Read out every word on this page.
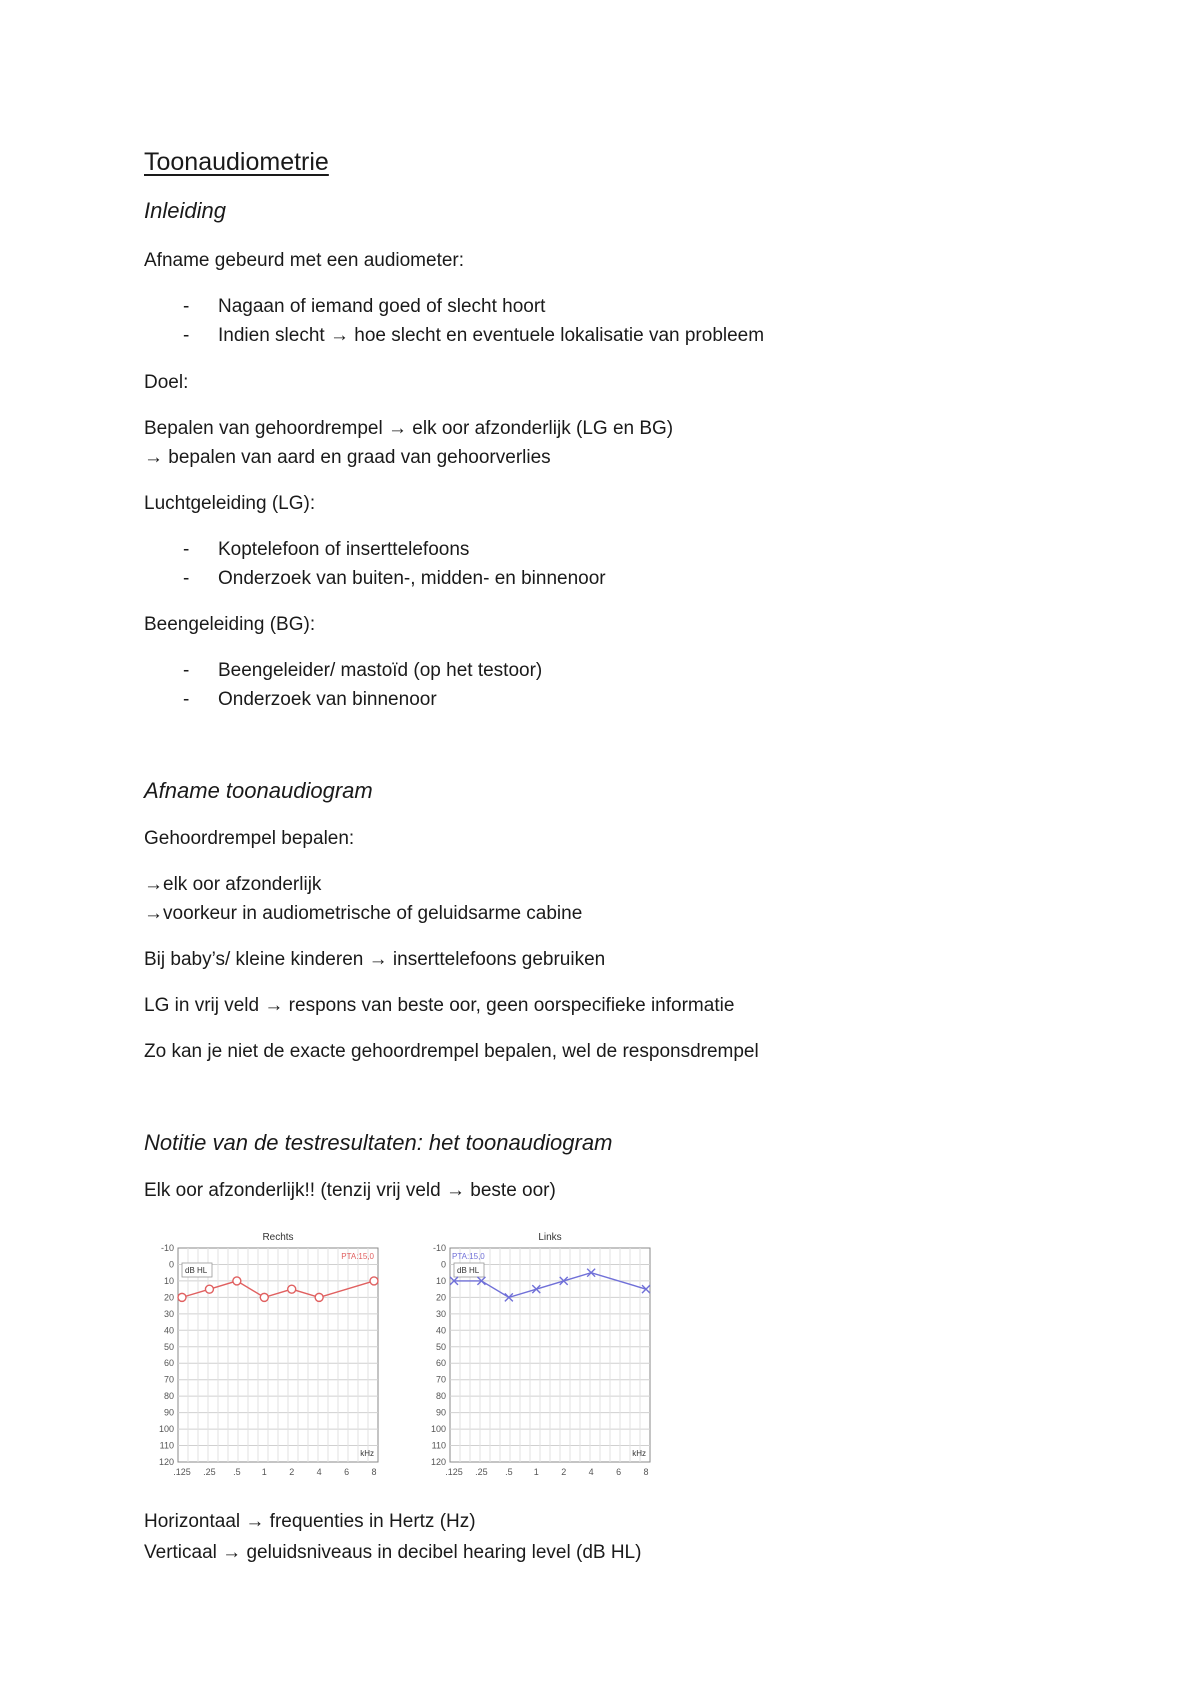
Toonaudiometrie
Inleiding
Afname gebeurd met een audiometer:
- Nagaan of iemand goed of slecht hoort
- Indien slecht → hoe slecht en eventuele lokalisatie van probleem
Doel:
Bepalen van gehoordrempel → elk oor afzonderlijk (LG en BG)
→ bepalen van aard en graad van gehoorverlies
Luchtgeleiding (LG):
- Koptelefoon of inserttelefoons
- Onderzoek van buiten-, midden- en binnenoor
Beengeleiding (BG):
- Beengeleider/ mastoïd (op het testoor)
- Onderzoek van binnenoor
Afname toonaudiogram
Gehoordrempel bepalen:
→elk oor afzonderlijk
→voorkeur in audiometrische of geluidsarme cabine
Bij baby’s/ kleine kinderen → inserttelefoons gebruiken
LG in vrij veld → respons van beste oor, geen oorspecifieke informatie
Zo kan je niet de exacte gehoordrempel bepalen, wel de responsdrempel
Notitie van de testresultaten: het toonaudiogram
Elk oor afzonderlijk!! (tenzij vrij veld → beste oor)
-10
0
10
20
30
40
50
60
70
80
90
100
110
120
.125 .25 .5 1 2 4 6 8
Rechts
PTA:15,0
dB HL
kHz
-10
0
10
20
30
40
50
60
70
80
90
100
110
120
.125 .25 .5 1 2 4 6 8
Links
PTA:15,0
dB HL
kHz
Horizontaal → frequenties in Hertz (Hz)
Verticaal → geluidsniveaus in decibel hearing level (dB HL)
